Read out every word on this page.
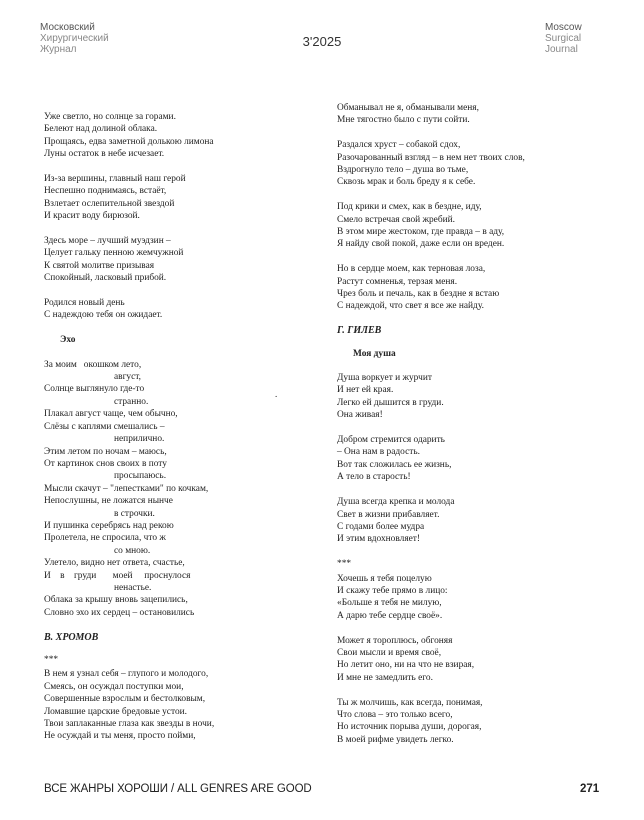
Московский
Хирургический
Журнал
3'2025
Moscow
Surgical
Journal
Уже светло, но солнце за горами.
Белеют над долиной облака.
Прощаясь, едва заметной долькою лимона
Луны остаток в небе исчезает.
Из-за вершины, главный наш герой
Неспешно поднимаясь, встаёт,
Взлетает ослепительной звездой
И красит воду бирюзой.
Здесь море – лучший муэдзин –
Целует гальку пенною жемчужной
К святой молитве призывая
Спокойный, ласковый прибой.
Родился новый день
С надеждою тебя он ожидает.
Эхо
За моим   окошком лето,
август,
Солнце выглянуло где-то
странно.
Плакал август чаще, чем обычно,
Слёзы с каплями смешались –
неприлично.
Этим летом по ночам – маюсь,
От картинок снов своих в поту
просыпаюсь.
Мысли скачут – "лепестками" по кочкам,
Непослушны, не ложатся нынче
в строчки.
И пушинка серебрясь над рекою
Пролетела, не спросила, что ж
со мною.
Улетело, видно нет ответа, счастье,
И    в    груди       моей     проснулося
ненастье.
Облака за крышу вновь зацепились,
Словно эхо их сердец – остановились
В. ХРОМОВ
***
В нем я узнал себя – глупого и молодого,
Смеясь, он осуждал поступки мои,
Совершенные взрослым и бестолковым,
Ломавшие царские бредовые устои.
Твои заплаканные глаза как звезды в ночи,
Не осуждай и ты меня, просто пойми,
.
Обманывал не я, обманывали меня,
Мне тягостно было с пути сойти.
Раздался хруст – собакой сдох,
Разочарованный взгляд – в нем нет твоих слов,
Вздрогнуло тело – душа во тьме,
Сквозь мрак и боль бреду я к себе.
Под крики и смех, как в бездне, иду,
Смело встречая свой жребий.
В этом мире жестоком, где правда – в аду,
Я найду свой покой, даже если он вреден.
Но в сердце моем, как терновая лоза,
Растут сомненья, терзая меня.
Чрез боль и печаль, как в бездне я встаю
С надеждой, что свет я все же найду.
Г. ГИЛЕВ
Моя душа
Душа воркует и журчит
И нет ей края.
Легко ей дышится в груди.
Она живая!
Добром стремится одарить
– Она нам в радость.
Вот так сложилась ее жизнь,
А тело в старость!
Душа всегда крепка и молода
Свет в жизни прибавляет.
С годами более мудра
И этим вдохновляет!
***
Хочешь я тебя поцелую
И скажу тебе прямо в лицо:
«Больше я тебя не милую,
А дарю тебе сердце своё».
Может я тороплюсь, обгоняя
Свои мысли и время своё,
Но летит оно, ни на что не взирая,
И мне не замедлить его.
Ты ж молчишь, как всегда, понимая,
Что слова – это только всего,
Но источник порыва души, дорогая,
В моей рифме увидеть легко.
ВСЕ ЖАНРЫ ХОРОШИ / ALL GENRES ARE GOOD	271
